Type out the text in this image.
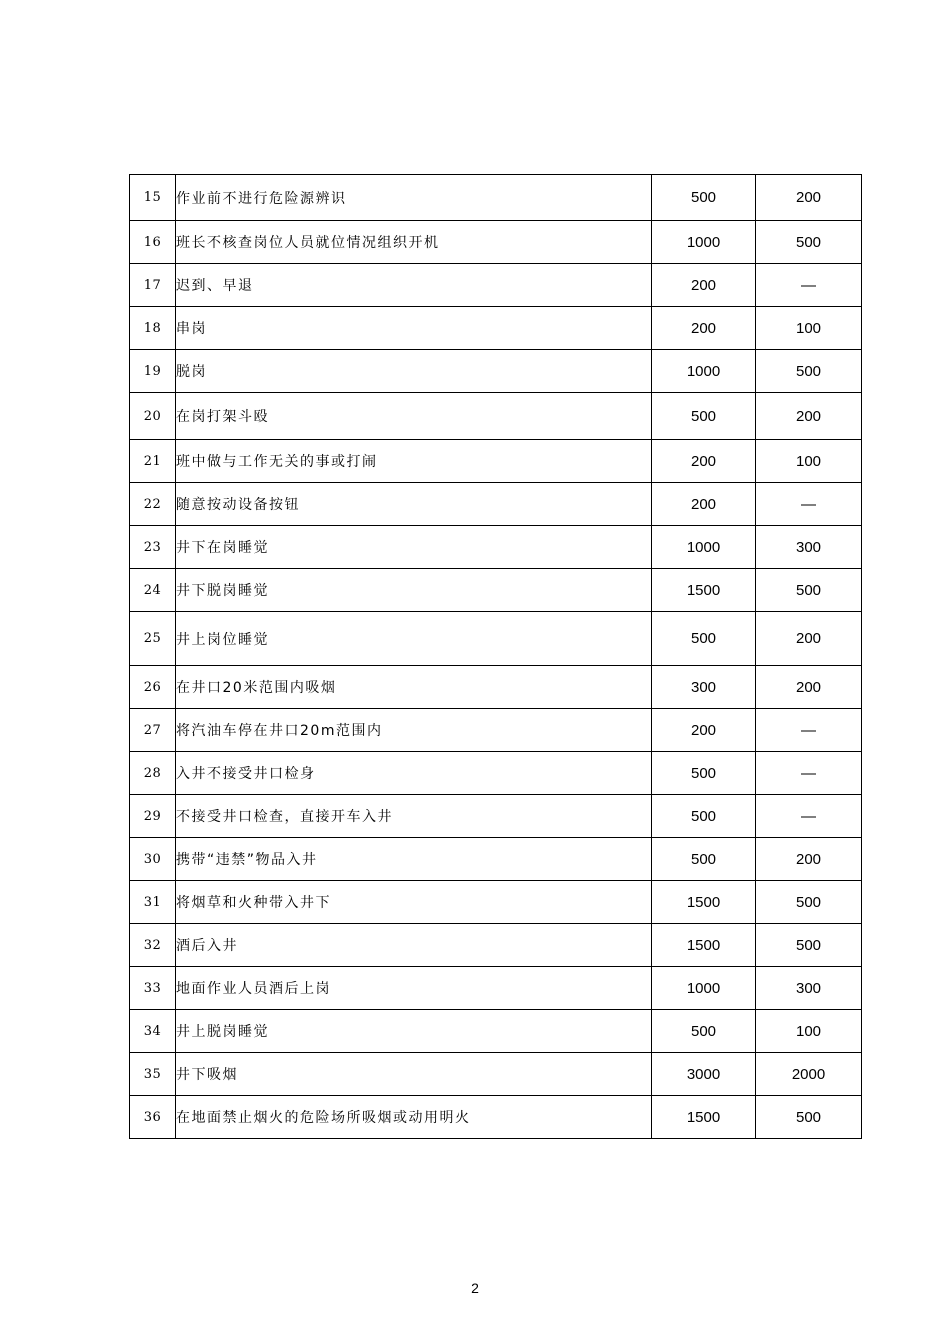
15	作业前不进行危险源辨识	500	200
16	班长不核查岗位人员就位情况组织开机	1000	500
17	迟到、早退	200	—
18	串岗	200	100
19	脱岗	1000	500
20	在岗打架斗殴	500	200
21	班中做与工作无关的事或打闹	200	100
22	随意按动设备按钮	200	—
23	井下在岗睡觉	1000	300
24	井下脱岗睡觉	1500	500
25	井上岗位睡觉	500	200
26	在井口20米范围内吸烟	300	200
27	将汽油车停在井口20m范围内	200	—
28	入井不接受井口检身	500	—
29	不接受井口检查，直接开车入井	500	—
30	携带“违禁”物品入井	500	200
31	将烟草和火种带入井下	1500	500
32	酒后入井	1500	500
33	地面作业人员酒后上岗	1000	300
34	井上脱岗睡觉	500	100
35	井下吸烟	3000	2000
36	在地面禁止烟火的危险场所吸烟或动用明火	1500	500
2
